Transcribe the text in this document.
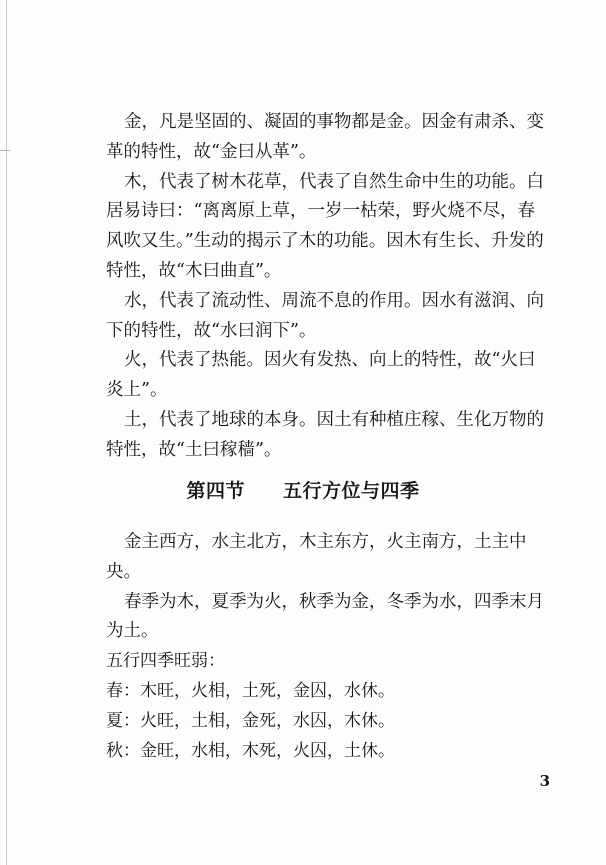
金，凡是坚固的、凝固的事物都是金。因金有肃杀、变革的特性，故“金曰从革”。

木，代表了树木花草，代表了自然生命中生的功能。白居易诗曰：“离离原上草，一岁一枯荣，野火烧不尽，春风吹又生。”生动的揭示了木的功能。因木有生长、升发的特性，故“木曰曲直”。

水，代表了流动性、周流不息的作用。因水有滋润、向下的特性，故“水曰润下”。

火，代表了热能。因火有发热、向上的特性，故“火曰炎上”。

土，代表了地球的本身。因土有种植庄稼、生化万物的特性，故“土曰稼穑”。

第四节 五行方位与四季

金主西方，水主北方，木主东方，火主南方，土主中央。

春季为木，夏季为火，秋季为金，冬季为水，四季末月为土。

五行四季旺弱：

春：木旺，火相，土死，金囚，水休。

夏：火旺，土相，金死，水囚，木休。

秋：金旺，水相，木死，火囚，土休。

3
